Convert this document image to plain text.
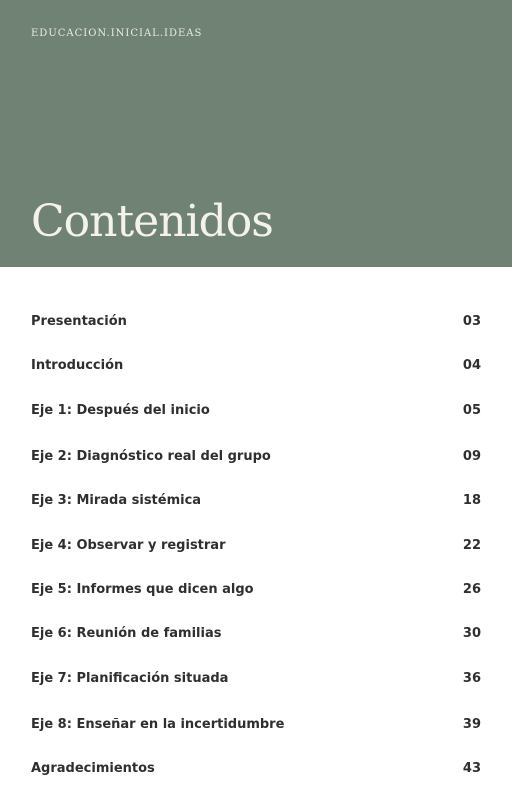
EDUCACION.INICIAL.IDEAS
Contenidos
Presentación	03
Introducción	04
Eje 1: Después del inicio	05
Eje 2: Diagnóstico real del grupo	09
Eje 3: Mirada sistémica	18
Eje 4: Observar y registrar	22
Eje 5: Informes que dicen algo	26
Eje 6: Reunión de familias	30
Eje 7: Planificación situada	36
Eje 8: Enseñar en la incertidumbre	39
Agradecimientos	43
